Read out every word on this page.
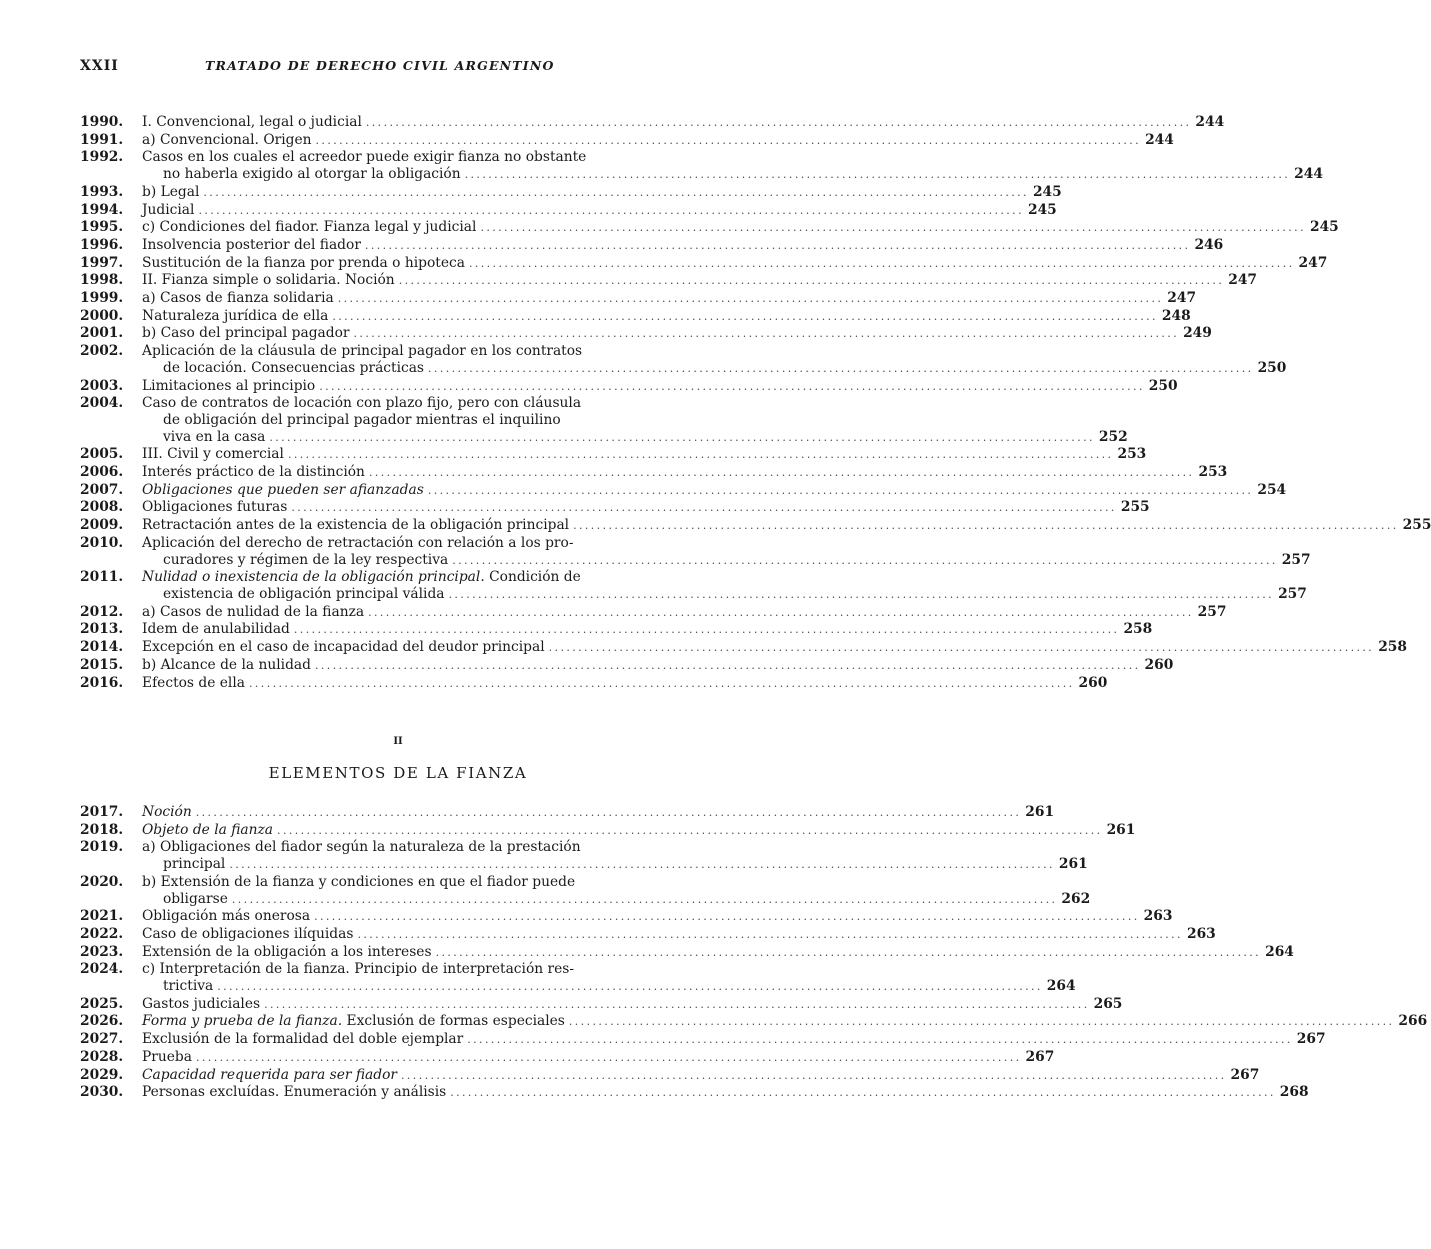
XXII	TRATADO DE DERECHO CIVIL ARGENTINO
1990.	I. Convencional, legal o judicial ............................................................................................................................................ 244
1991.	a) Convencional. Origen ............................................................................................................................................ 244
1992.	Casos en los cuales el acreedor puede exigir fianza no obstante
no haberla exigido al otorgar la obligación ............................................................................................................................................ 244
1993.	b) Legal ............................................................................................................................................ 245
1994.	Judicial ............................................................................................................................................ 245
1995.	c) Condiciones del fiador. Fianza legal y judicial ............................................................................................................................................ 245
1996.	Insolvencia posterior del fiador ............................................................................................................................................ 246
1997.	Sustitución de la fianza por prenda o hipoteca ............................................................................................................................................ 247
1998.	II. Fianza simple o solidaria. Noción ............................................................................................................................................ 247
1999.	a) Casos de fianza solidaria ............................................................................................................................................ 247
2000.	Naturaleza jurídica de ella ............................................................................................................................................ 248
2001.	b) Caso del principal pagador ............................................................................................................................................ 249
2002.	Aplicación de la cláusula de principal pagador en los contratos
de locación. Consecuencias prácticas ............................................................................................................................................ 250
2003.	Limitaciones al principio ............................................................................................................................................ 250
2004.	Caso de contratos de locación con plazo fijo, pero con cláusula
de obligación del principal pagador mientras el inquilino
viva en la casa ............................................................................................................................................ 252
2005.	III. Civil y comercial ............................................................................................................................................ 253
2006.	Interés práctico de la distinción ............................................................................................................................................ 253
2007.	Obligaciones que pueden ser afianzadas ............................................................................................................................................ 254
2008.	Obligaciones futuras ............................................................................................................................................ 255
2009.	Retractación antes de la existencia de la obligación principal ............................................................................................................................................ 255
2010.	Aplicación del derecho de retractación con relación a los pro-
curadores y régimen de la ley respectiva ............................................................................................................................................ 257
2011.	Nulidad o inexistencia de la obligación principal. Condición de
existencia de obligación principal válida ............................................................................................................................................ 257
2012.	a) Casos de nulidad de la fianza ............................................................................................................................................ 257
2013.	Idem de anulabilidad ............................................................................................................................................ 258
2014.	Excepción en el caso de incapacidad del deudor principal ............................................................................................................................................ 258
2015.	b) Alcance de la nulidad ............................................................................................................................................ 260
2016.	Efectos de ella ............................................................................................................................................ 260
II
ELEMENTOS DE LA FIANZA
2017.	Noción ............................................................................................................................................ 261
2018.	Objeto de la fianza ............................................................................................................................................ 261
2019.	a) Obligaciones del fiador según la naturaleza de la prestación
principal ............................................................................................................................................ 261
2020.	b) Extensión de la fianza y condiciones en que el fiador puede
obligarse ............................................................................................................................................ 262
2021.	Obligación más onerosa ............................................................................................................................................ 263
2022.	Caso de obligaciones ilíquidas ............................................................................................................................................ 263
2023.	Extensión de la obligación a los intereses ............................................................................................................................................ 264
2024.	c) Interpretación de la fianza. Principio de interpretación res-
trictiva ............................................................................................................................................ 264
2025.	Gastos judiciales ............................................................................................................................................ 265
2026.	Forma y prueba de la fianza. Exclusión de formas especiales ............................................................................................................................................ 266
2027.	Exclusión de la formalidad del doble ejemplar ............................................................................................................................................ 267
2028.	Prueba ............................................................................................................................................ 267
2029.	Capacidad requerida para ser fiador ............................................................................................................................................ 267
2030.	Personas excluídas. Enumeración y análisis ............................................................................................................................................ 268
